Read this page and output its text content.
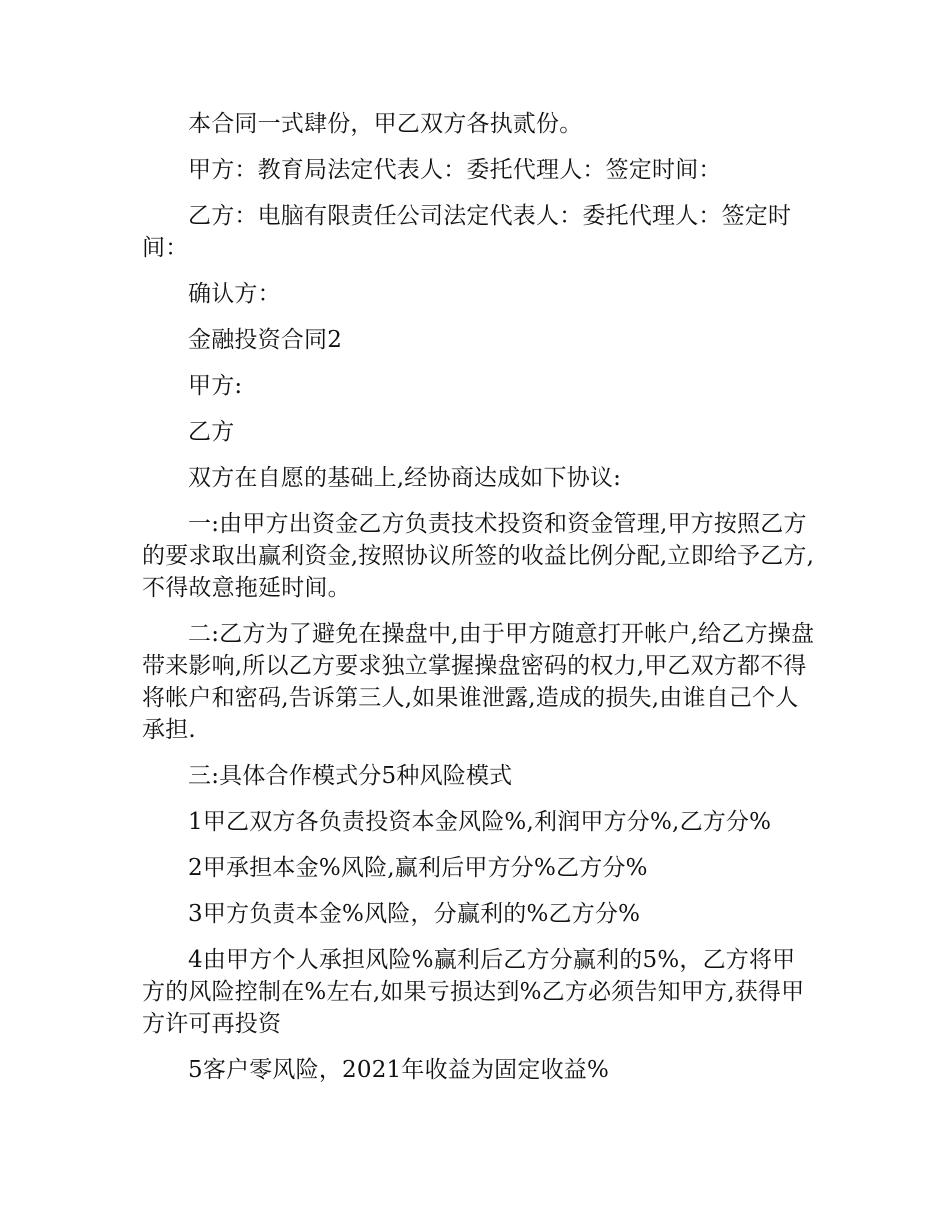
本合同一式肆份，甲乙双方各执贰份。

甲方：教育局法定代表人：委托代理人：签定时间：

乙方：电脑有限责任公司法定代表人：委托代理人：签定时间：

确认方：

金融投资合同2

甲方:

乙方

双方在自愿的基础上,经协商达成如下协议:

一:由甲方出资金乙方负责技术投资和资金管理,甲方按照乙方的要求取出赢利资金,按照协议所签的收益比例分配,立即给予乙方,不得故意拖延时间。

二:乙方为了避免在操盘中,由于甲方随意打开帐户,给乙方操盘带来影响,所以乙方要求独立掌握操盘密码的权力,甲乙双方都不得将帐户和密码,告诉第三人,如果谁泄露,造成的损失,由谁自己个人承担.

三:具体合作模式分5种风险模式

1甲乙双方各负责投资本金风险%,利润甲方分%,乙方分%

2甲承担本金%风险,赢利后甲方分%乙方分%

3甲方负责本金%风险，分赢利的%乙方分%

4由甲方个人承担风险%赢利后乙方分赢利的5%，乙方将甲方的风险控制在%左右,如果亏损达到%乙方必须告知甲方,获得甲方许可再投资

5客户零风险，2021年收益为固定收益%
